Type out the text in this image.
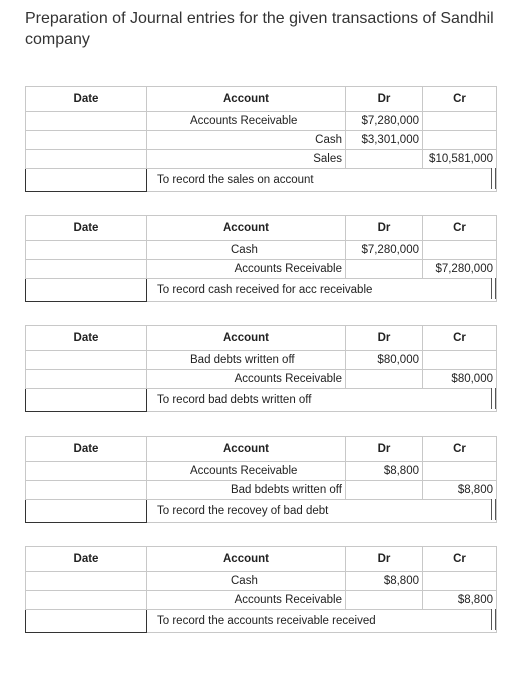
Preparation of Journal entries for the given transactions of Sandhil company
Date	Account	Dr	Cr
	Accounts Receivable	$7,280,000	
	Cash	$3,301,000	
	Sales		$10,581,000
	To record the sales on account		
Date	Account	Dr	Cr
	Cash	$7,280,000	
	Accounts Receivable		$7,280,000
	To record cash received for acc receivable		
Date	Account	Dr	Cr
	Bad debts written off	$80,000	
	Accounts Receivable		$80,000
	To record bad debts written off		
Date	Account	Dr	Cr
	Accounts Receivable	$8,800	
	Bad bdebts written off		$8,800
	To record the recovey of bad debt		
Date	Account	Dr	Cr
	Cash	$8,800	
	Accounts Receivable		$8,800
	To record the accounts receivable received		
